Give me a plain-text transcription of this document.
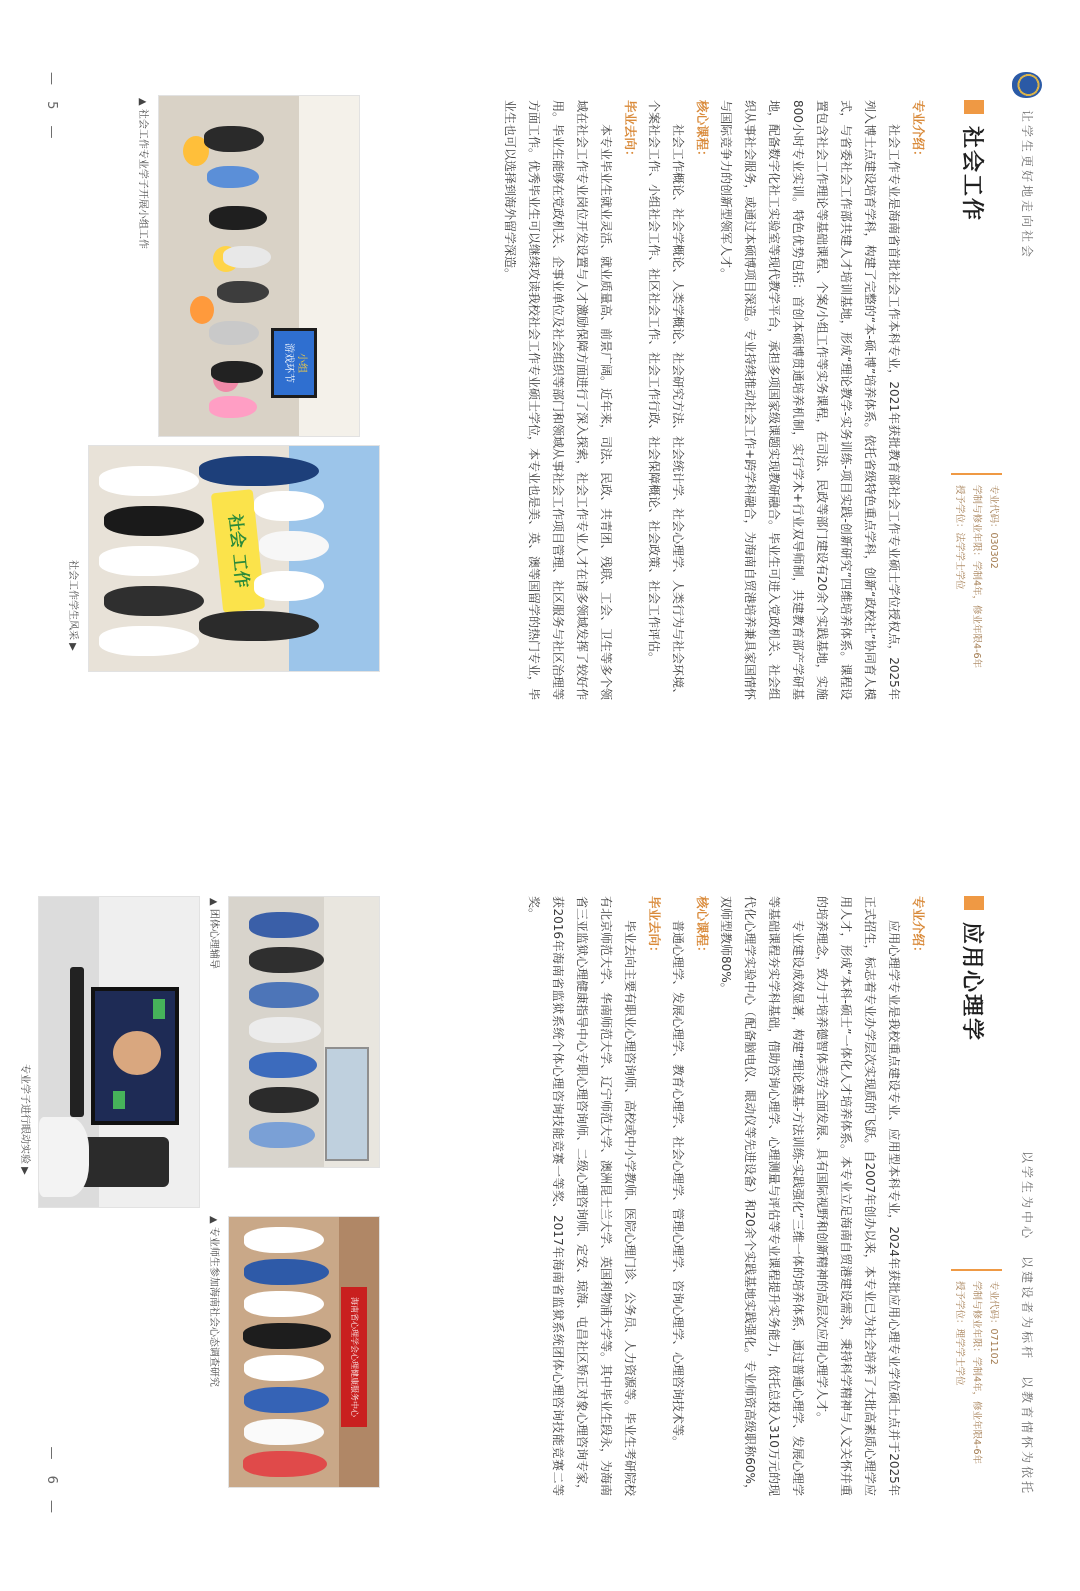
让学生更好地走向社会
社会工作
专业代码：030302
学制与修业年限：学制4年，修业年限4-6年
授予学位：法学学士学位

专业介绍：

社会工作专业是海南省首批社会工作本科专业，2021年获批教育部社会工作专业硕士学位授权点，2025年列入博士点建设培育学科，构建了完整的“本-硕-博”培养体系。依托省级特色重点学科，创新“政校社”协同育人模式，与省委社会工作部共建人才培训基地，形成“理论教学-实务训练-项目实践-创新研究”四维培养体系。课程设置包含社会工作理论等基础课程、个案/小组工作等实务课程，在司法、民政等部门建设有20余个实践基地，实施800小时专业实训。特色优势包括：首创本硕博贯通培养机制，实行学术+行业双导师制，共建教育部产学研基地，配备数字化社工实验室等现代教学平台，承担多项国家级课题实现教研融合。毕业生可进入党政机关、社会组织从事社会服务，或通过本硕博项目深造。专业持续推动社会工作+跨学科融合，为海南自贸港培养兼具家国情怀与国际竞争力的创新型领军人才。

核心课程：

社会工作概论、社会学概论、人类学概论、社会研究方法、社会统计学、社会心理学、人类行为与社会环境、个案社会工作、小组社会工作、社区社会工作、社会工作行政、社会保障概论、社会政策、社会工作评估。

毕业去向：

本专业毕业生就业灵活、就业质量高、前景广阔。近年来，司法、民政、共青团、残联、工会、卫生等多个领域在社会工作专业岗位开发设置与人才激励保障方面进行了深入探索，社会工作专业人才在诸多领域发挥了较好作用。毕业生能够在党政机关、企事业单位及社会组织等部门和领域从事社会工作项目管理、社区服务与社区治理等方面工作。优秀毕业生可以继续攻读我校社会工作专业硕士学位，本专业也是美、英、澳等国留学的热门专业，毕业生也可以选择到海外留学深造。

小组
游戏环节
▲ 社会工作专业学子开展小组工作
社会 工作
社会工作学生风采 ▶
— 5 —
以学生为中心　以建设者为标杆　以教育情怀为依托
应用心理学
专业代码：071102
学制与修业年限：学制4年，修业年限4-6年
授予学位：理学学士学位

专业介绍：

应用心理学专业是我校重点建设专业、应用型本科专业，2024年获批应用心理专业学位硕士点并于2025年正式招生，标志着专业办学层次实现质的飞跃。自2007年创办以来，本专业已为社会培养了大批高素质心理学应用人才，形成“本科-硕士”一体化人才培养体系。本专业立足海南自贸港建设需求，秉持科学精神与人文关怀并重的培养理念，致力于培养德智体美劳全面发展、具有国际视野和创新精神的高层次应用心理学人才。

专业建设成效显著，构建“理论奠基-方法训练-实践强化”三维一体的培养体系，通过普通心理学、发展心理学等基础课程夯实学科基础，借助咨询心理学、心理测量与评估等专业课程提升实务能力，依托总投入310万元的现代化心理学实验中心（配备脑电仪、眼动仪等先进设备）和20余个实践基地实践强化。专业师资高级职称60%，双师型教师80%。

核心课程：

普通心理学、发展心理学、教育心理学、社会心理学、管理心理学、咨询心理学、心理咨询技术等。

毕业去向：

毕业去向主要有职业心理咨询师、高校或中小学教师、医院心理门诊、公务员、人力资源等。毕业生考研院校有北京师范大学、华南师范大学、辽宁师范大学、澳洲昆士兰大学、英国利物浦大学等。其中毕业生段永，为海南省三亚监狱心理健康指导中心专职心理咨询师、二级心理咨询师、定安、琼海、屯昌社区矫正对象心理咨询专家，获2016年海南省监狱系统个体心理咨询技能竞赛一等奖、2017年海南省监狱系统团体心理咨询技能竞赛二等奖。

▲ 团体心理辅导
专业学子进行眼动实验 ▶
海南省心理学会心理健康服务中心
▲ 专业师生参加海南社会心态调查研究
— 6 —
